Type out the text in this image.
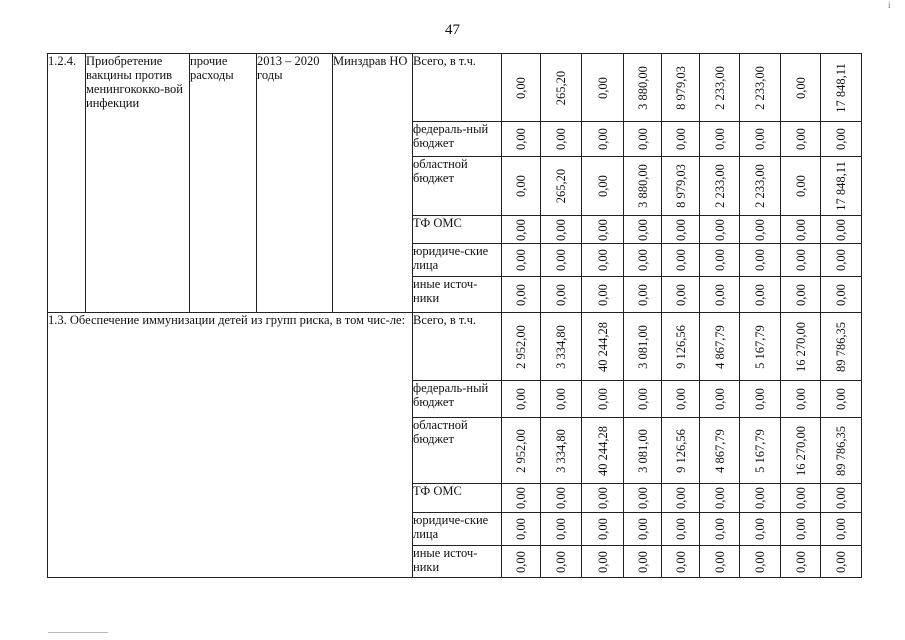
47
i
1.2.4.	Приобретение вакцины против менингококко-вой инфекции	прочие расходы	2013 – 2020 годы	Минздрав НО	Всего, в т.ч.	0,00	265,20	0,00	3 880,00	8 979,03	2 233,00	2 233,00	0,00	17 848,11

					федераль-ный бюджет	0,00	0,00	0,00	0,00	0,00	0,00	0,00	0,00	0,00

					областной бюджет	0,00	265,20	0,00	3 880,00	8 979,03	2 233,00	2 233,00	0,00	17 848,11

					ТФ ОМС	0,00	0,00	0,00	0,00	0,00	0,00	0,00	0,00	0,00

					юридиче-ские лица	0,00	0,00	0,00	0,00	0,00	0,00	0,00	0,00	0,00

					иные источ-ники	0,00	0,00	0,00	0,00	0,00	0,00	0,00	0,00	0,00

1.3. Обеспечение иммунизации детей из групп риска, в том чис-ле:					Всего, в т.ч.	2 952,00	3 334,80	40 244,28	3 081,00	9 126,56	4 867,79	5 167,79	16 270,00	89 786,35

					федераль-ный бюджет	0,00	0,00	0,00	0,00	0,00	0,00	0,00	0,00	0,00

					областной бюджет	2 952,00	3 334,80	40 244,28	3 081,00	9 126,56	4 867,79	5 167,79	16 270,00	89 786,35

					ТФ ОМС	0,00	0,00	0,00	0,00	0,00	0,00	0,00	0,00	0,00

					юридиче-ские лица	0,00	0,00	0,00	0,00	0,00	0,00	0,00	0,00	0,00

					иные источ-ники	0,00	0,00	0,00	0,00	0,00	0,00	0,00	0,00	0,00
